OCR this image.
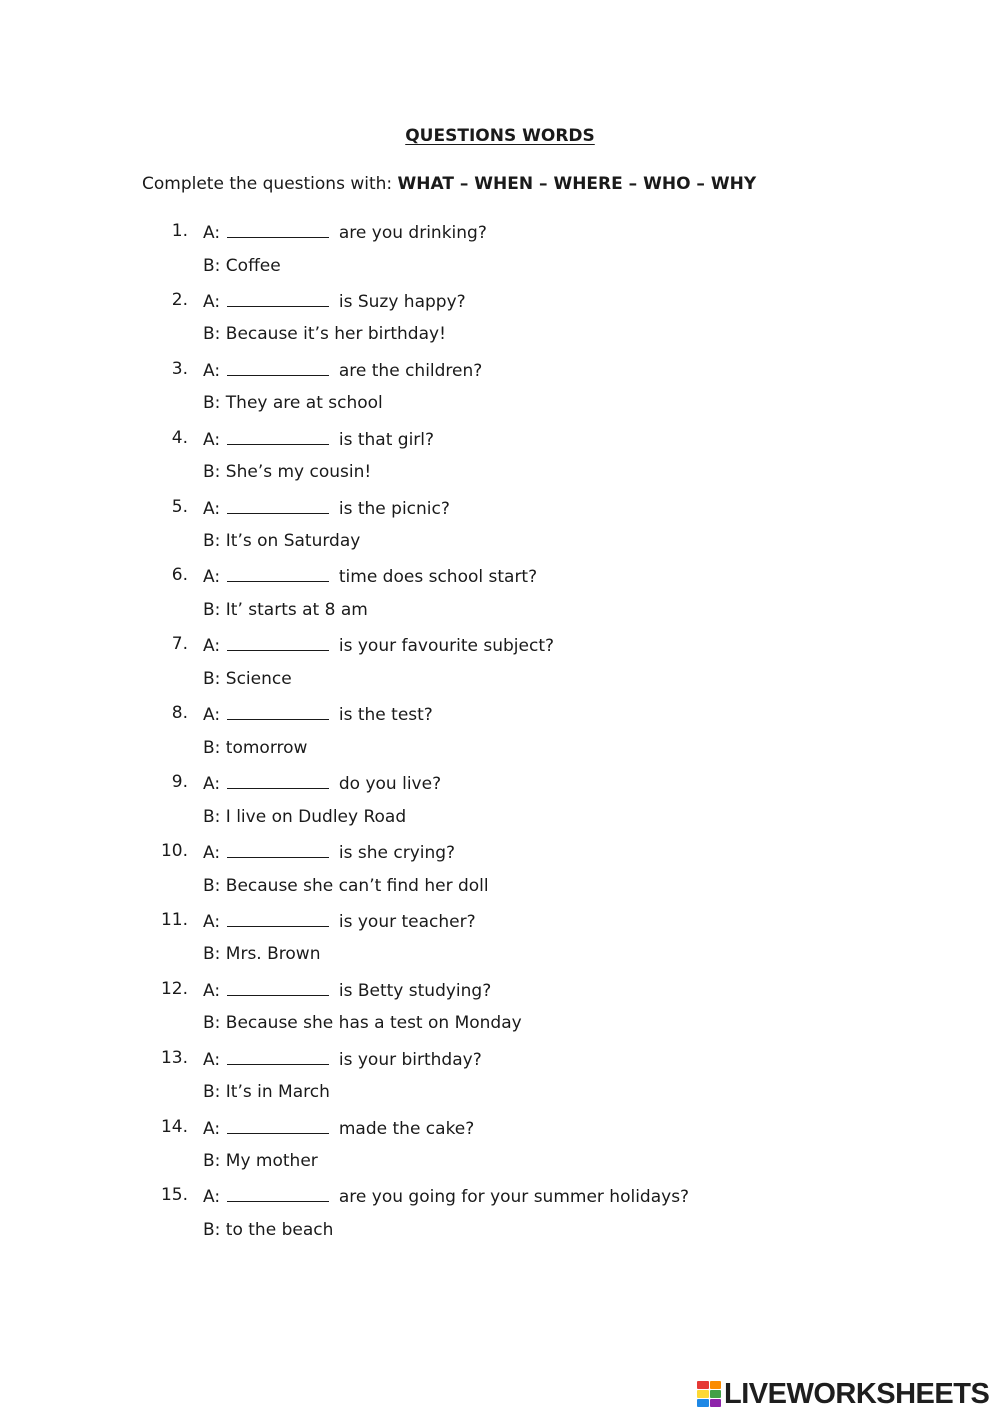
QUESTIONS WORDS
Complete the questions with: WHAT – WHEN – WHERE – WHO – WHY
1. A:	are you drinking?
B: Coffee
2. A:	is Suzy happy?
B: Because it’s her birthday!
3. A:	are the children?
B: They are at school
4. A:	is that girl?
B: She’s my cousin!
5. A:	is the picnic?
B: It’s on Saturday
6. A:	time does school start?
B: It’ starts at 8 am
7. A:	is your favourite subject?
B: Science
8. A:	is the test?
B: tomorrow
9. A:	do you live?
B: I live on Dudley Road
10. A:	is she crying?
B: Because she can’t find her doll
11. A:	is your teacher?
B: Mrs. Brown
12. A:	is Betty studying?
B: Because she has a test on Monday
13. A:	is your birthday?
B: It’s in March
14. A:	made the cake?
B: My mother
15. A:	are you going for your summer holidays?
B: to the beach
LIVEWORKSHEETS
